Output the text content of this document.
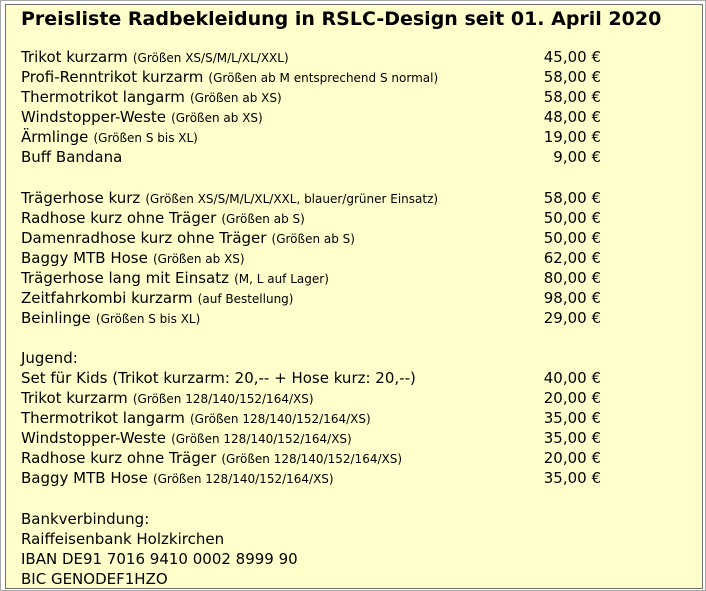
Preisliste Radbekleidung in RSLC-Design seit 01. April 2020
Trikot kurzarm (Größen XS/S/M/L/XL/XXL)	45,00 €
Profi-Renntrikot kurzarm (Größen ab M entsprechend S normal)	58,00 €
Thermotrikot langarm (Größen ab XS)	58,00 €
Windstopper-Weste (Größen ab XS)	48,00 €
Ärmlinge (Größen S bis XL)	19,00 €
Buff Bandana	9,00 €
Trägerhose kurz (Größen XS/S/M/L/XL/XXL, blauer/grüner Einsatz)	58,00 €
Radhose kurz ohne Träger (Größen ab S)	50,00 €
Damenradhose kurz ohne Träger (Größen ab S)	50,00 €
Baggy MTB Hose (Größen ab XS)	62,00 €
Trägerhose lang mit Einsatz (M, L auf Lager)	80,00 €
Zeitfahrkombi kurzarm (auf Bestellung)	98,00 €
Beinlinge (Größen S bis XL)	29,00 €
Jugend:
Set für Kids (Trikot kurzarm: 20,-- + Hose kurz: 20,--)	40,00 €
Trikot kurzarm (Größen 128/140/152/164/XS)	20,00 €
Thermotrikot langarm (Größen 128/140/152/164/XS)	35,00 €
Windstopper-Weste (Größen 128/140/152/164/XS)	35,00 €
Radhose kurz ohne Träger (Größen 128/140/152/164/XS)	20,00 €
Baggy MTB Hose (Größen 128/140/152/164/XS)	35,00 €
Bankverbindung:
Raiffeisenbank Holzkirchen
IBAN DE91 7016 9410 0002 8999 90
BIC GENODEF1HZO
